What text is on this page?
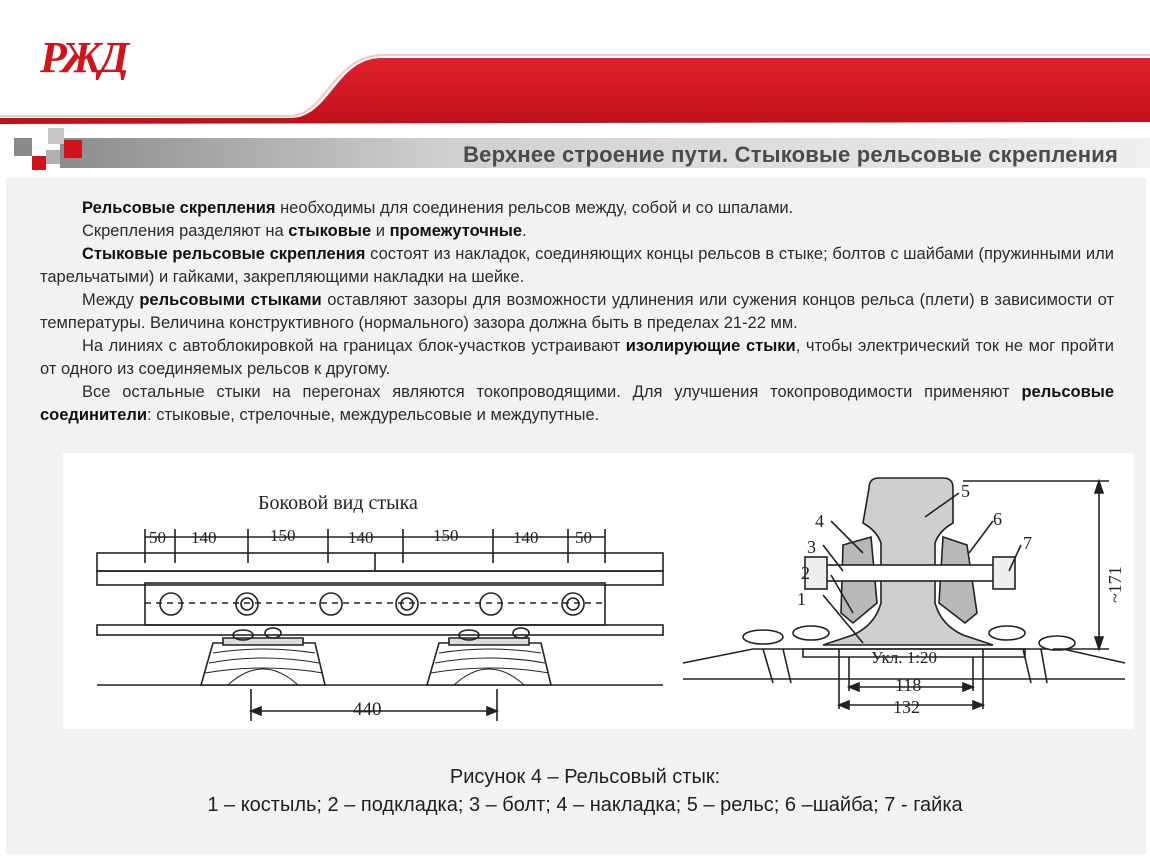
РЖД
Верхнее строение пути. Стыковые рельсовые скрепления

Рельсовые скрепления необходимы для соединения рельсов между, собой и со шпалами.

Скрепления разделяют на стыковые и промежуточные.

Стыковые рельсовые скрепления состоят из накладок, соединяющих концы рельсов в стыке; болтов с шайбами (пружинными или тарельчатыми) и гайками, закрепляющими накладки на шейке.

Между рельсовыми стыками оставляют зазоры для возможности удлинения или сужения концов рельса (плети) в зависимости от температуры. Величина конструктивного (нормального) зазора должна быть в пределах 21-22 мм.

На линиях с автоблокировкой на границах блок-участков устраивают изолирующие стыки, чтобы электрический ток не мог пройти от одного из соединяемых рельсов к другому.

Все остальные стыки на перегонах являются токопроводящими. Для улучшения токопроводимости применяют рельсовые соединители: стыковые, стрелочные, междурельсовые и междупутные.

Боковой вид стыка
50 140	150	140	150	140 50
440
1
2
3
4
5
6
7
Укл. 1:20
~171
118
132
Рисунок 4 – Рельсовый стык:
1 – костыль; 2 – подкладка; 3 – болт; 4 – накладка; 5 – рельс; 6 –шайба; 7 - гайка
